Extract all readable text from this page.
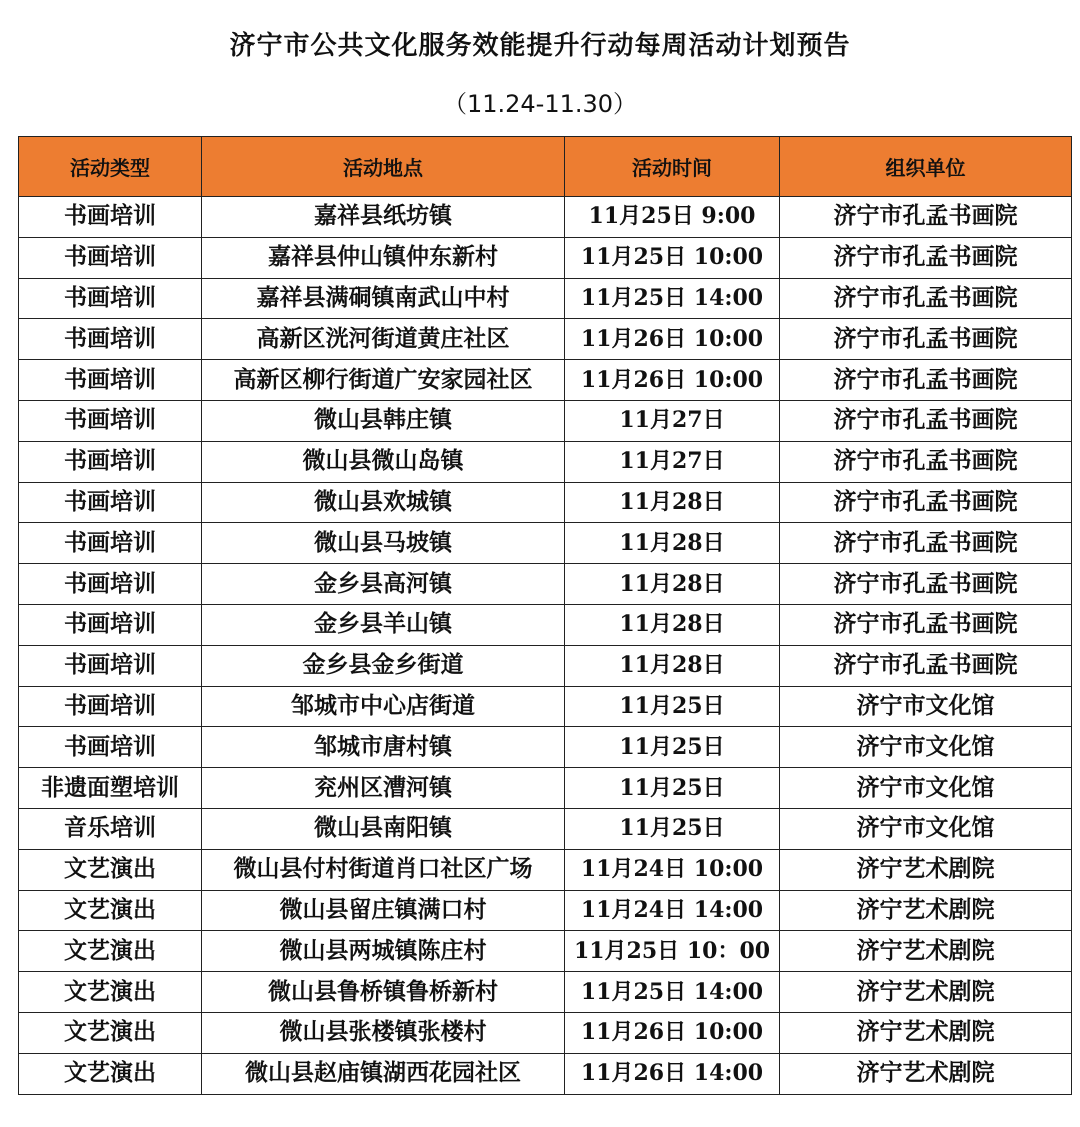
济宁市公共文化服务效能提升行动每周活动计划预告
（11.24-11.30）
活动类型	活动地点	活动时间	组织单位
书画培训	嘉祥县纸坊镇	11月25日 9:00	济宁市孔孟书画院
书画培训	嘉祥县仲山镇仲东新村	11月25日 10:00	济宁市孔孟书画院
书画培训	嘉祥县满硐镇南武山中村	11月25日 14:00	济宁市孔孟书画院
书画培训	高新区洸河街道黄庄社区	11月26日 10:00	济宁市孔孟书画院
书画培训	高新区柳行街道广安家园社区	11月26日 10:00	济宁市孔孟书画院
书画培训	微山县韩庄镇	11月27日	济宁市孔孟书画院
书画培训	微山县微山岛镇	11月27日	济宁市孔孟书画院
书画培训	微山县欢城镇	11月28日	济宁市孔孟书画院
书画培训	微山县马坡镇	11月28日	济宁市孔孟书画院
书画培训	金乡县高河镇	11月28日	济宁市孔孟书画院
书画培训	金乡县羊山镇	11月28日	济宁市孔孟书画院
书画培训	金乡县金乡街道	11月28日	济宁市孔孟书画院
书画培训	邹城市中心店街道	11月25日	济宁市文化馆
书画培训	邹城市唐村镇	11月25日	济宁市文化馆
非遗面塑培训	兖州区漕河镇	11月25日	济宁市文化馆
音乐培训	微山县南阳镇	11月25日	济宁市文化馆
文艺演出	微山县付村街道肖口社区广场	11月24日 10:00	济宁艺术剧院
文艺演出	微山县留庄镇满口村	11月24日 14:00	济宁艺术剧院
文艺演出	微山县两城镇陈庄村	11月25日 10：00	济宁艺术剧院
文艺演出	微山县鲁桥镇鲁桥新村	11月25日 14:00	济宁艺术剧院
文艺演出	微山县张楼镇张楼村	11月26日 10:00	济宁艺术剧院
文艺演出	微山县赵庙镇湖西花园社区	11月26日 14:00	济宁艺术剧院
